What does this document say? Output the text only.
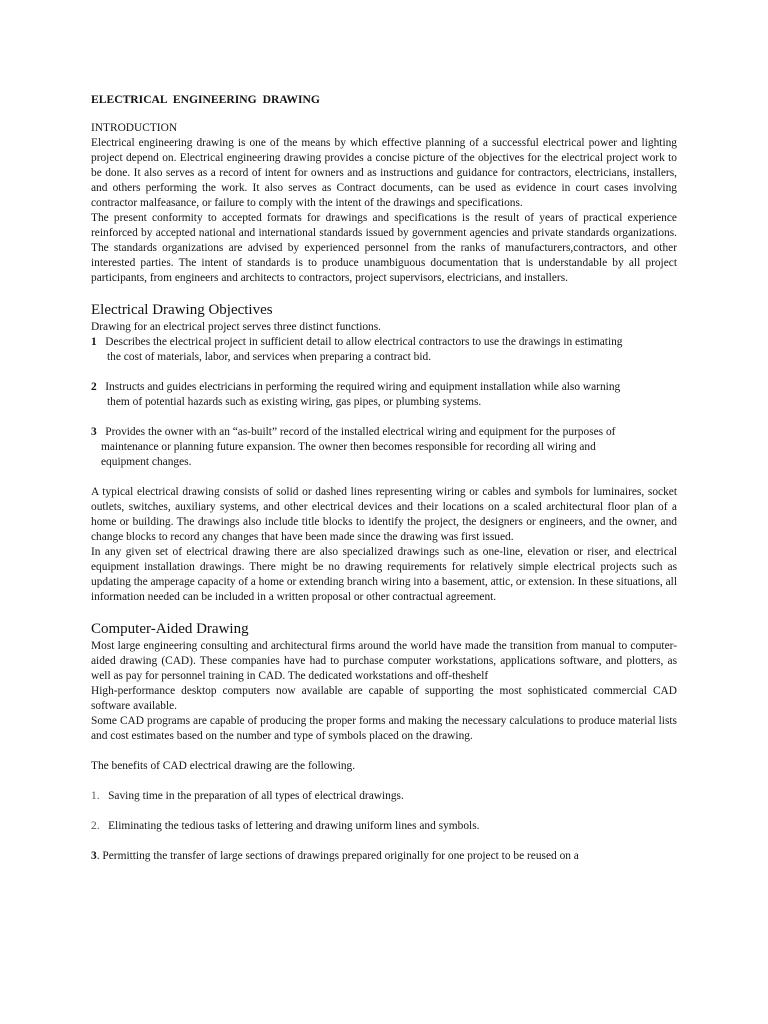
ELECTRICAL ENGINEERING DRAWING

INTRODUCTION

Electrical engineering drawing is one of the means by which effective planning of a successful electrical power and lighting project depend on. Electrical engineering drawing provides a concise picture of the objectives for the electrical project work to be done. It also serves as a record of intent for owners and as instructions and guidance for contractors, electricians, installers, and others performing the work. It also serves as Contract documents, can be used as evidence in court cases involving contractor malfeasance, or failure to comply with the intent of the drawings and specifications.

The present conformity to accepted formats for drawings and specifications is the result of years of practical experience reinforced by accepted national and international standards issued by government agencies and private standards organizations. The standards organizations are advised by experienced personnel from the ranks of manufacturers,contractors, and other interested parties. The intent of standards is to produce unambiguous documentation that is understandable by all project participants, from engineers and architects to contractors, project supervisors, electricians, and installers.

Electrical Drawing Objectives

Drawing for an electrical project serves three distinct functions.

1 Describes the electrical project in sufficient detail to allow electrical contractors to use the drawings in estimating
the cost of materials, labor, and services when preparing a contract bid.
2 Instructs and guides electricians in performing the required wiring and equipment installation while also warning
them of potential hazards such as existing wiring, gas pipes, or plumbing systems.
3 Provides the owner with an “as-built” record of the installed electrical wiring and equipment for the purposes of
maintenance or planning future expansion. The owner then becomes responsible for recording all wiring and
equipment changes.

A typical electrical drawing consists of solid or dashed lines representing wiring or cables and symbols for luminaires, socket outlets, switches, auxiliary systems, and other electrical devices and their locations on a scaled architectural floor plan of a home or building. The drawings also include title blocks to identify the project, the designers or engineers, and the owner, and change blocks to record any changes that have been made since the drawing was first issued.

In any given set of electrical drawing there are also specialized drawings such as one-line, elevation or riser, and electrical equipment installation drawings. There might be no drawing requirements for relatively simple electrical projects such as updating the amperage capacity of a home or extending branch wiring into a basement, attic, or extension. In these situations, all information needed can be included in a written proposal or other contractual agreement.

Computer-Aided Drawing

Most large engineering consulting and architectural firms around the world have made the transition from manual to computer-aided drawing (CAD). These companies have had to purchase computer workstations, applications software, and plotters, as well as pay for personnel training in CAD. The dedicated workstations and off-theshelf

High-performance desktop computers now available are capable of supporting the most sophisticated commercial CAD software available.

Some CAD programs are capable of producing the proper forms and making the necessary calculations to produce material lists and cost estimates based on the number and type of symbols placed on the drawing.

The benefits of CAD electrical drawing are the following.

1. Saving time in the preparation of all types of electrical drawings.
2. Eliminating the tedious tasks of lettering and drawing uniform lines and symbols.
3. Permitting the transfer of large sections of drawings prepared originally for one project to be reused on a
